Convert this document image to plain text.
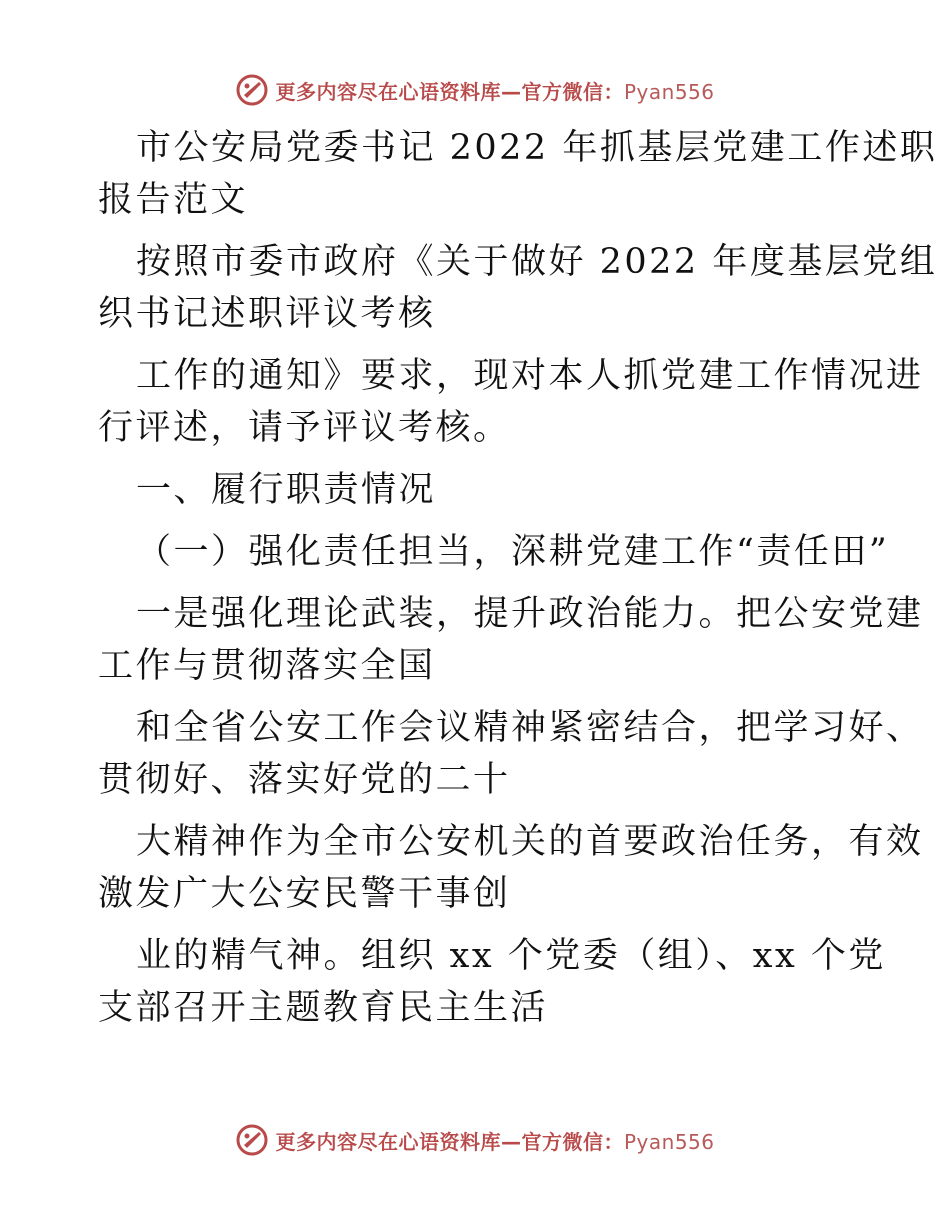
更多内容尽在心语资料库—官方微信：Pyan556
市公安局党委书记 2022 年抓基层党建工作述职
报告范文
按照市委市政府《关于做好 2022 年度基层党组
织书记述职评议考核
工作的通知》要求，现对本人抓党建工作情况进
行评述，请予评议考核。
一、履行职责情况
（一）强化责任担当，深耕党建工作“责任田”
一是强化理论武装，提升政治能力。把公安党建
工作与贯彻落实全国
和全省公安工作会议精神紧密结合，把学习好、
贯彻好、落实好党的二十
大精神作为全市公安机关的首要政治任务，有效
激发广大公安民警干事创
业的精气神。组织 xx 个党委（组）、xx 个党
支部召开主题教育民主生活
更多内容尽在心语资料库—官方微信：Pyan556
